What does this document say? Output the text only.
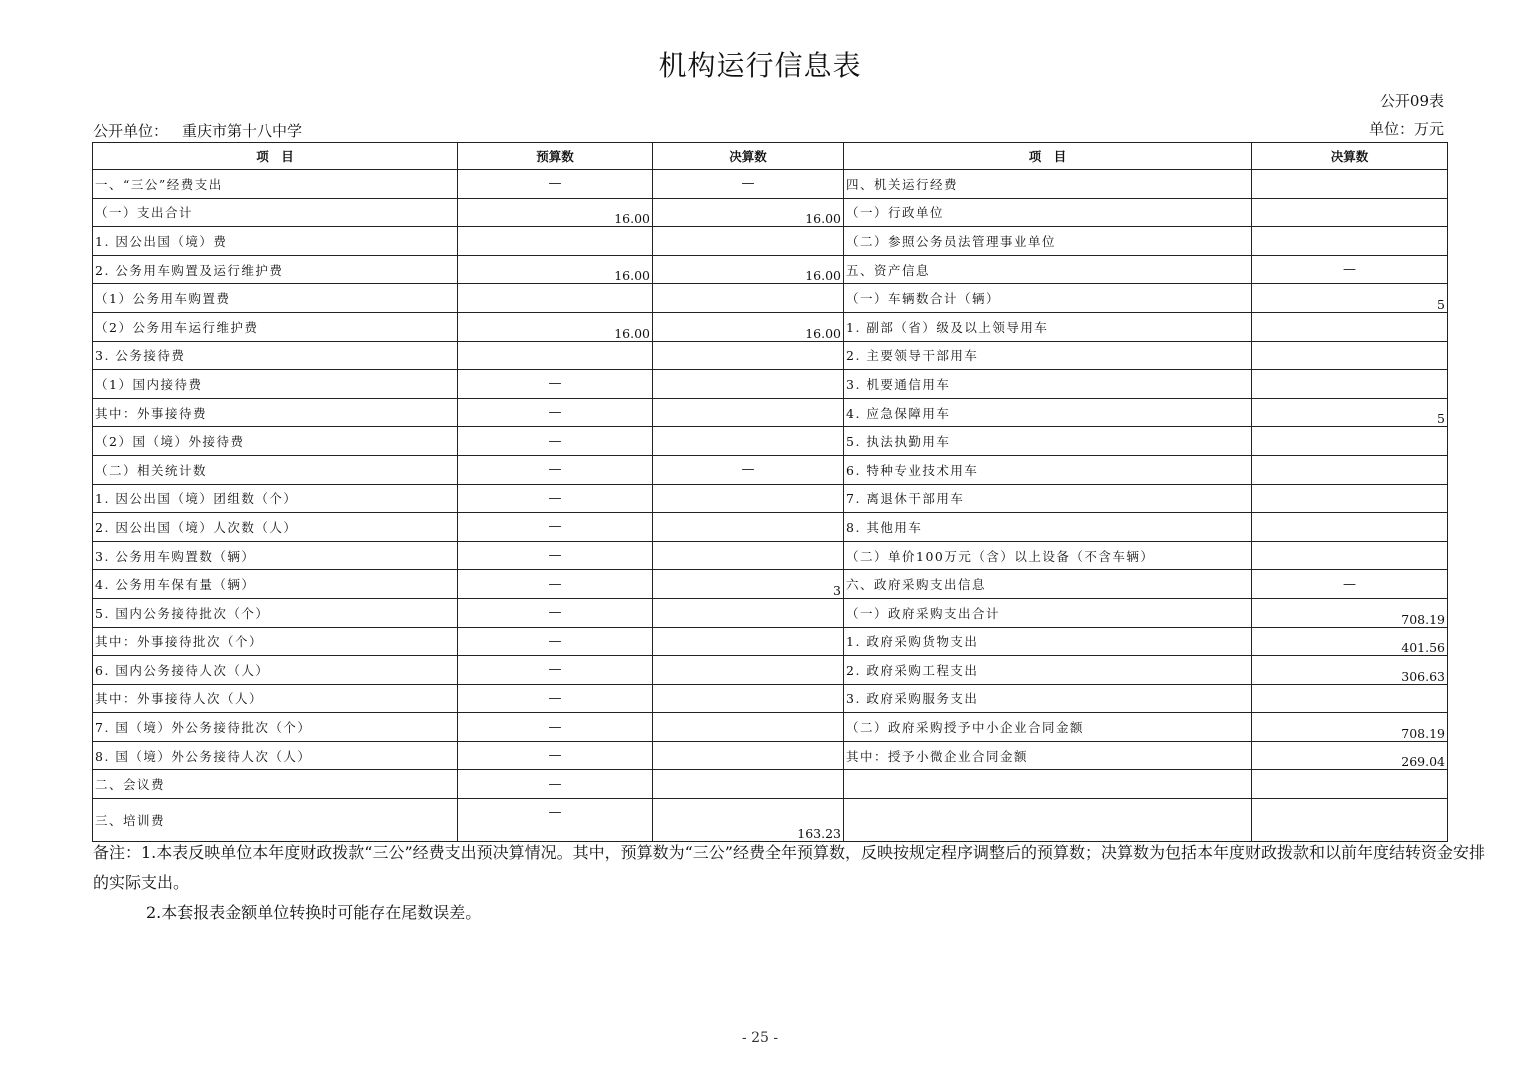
机构运行信息表
公开09表
公开单位： 重庆市第十八中学	单位：万元
项　目	预算数	决算数	项　目	决算数
一、“三公”经费支出	—	—	四、机关运行经费	
（一）支出合计	16.00	16.00	（一）行政单位	
1. 因公出国（境）费			（二）参照公务员法管理事业单位	
2. 公务用车购置及运行维护费	16.00	16.00	五、资产信息	—
（1）公务用车购置费			（一）车辆数合计（辆）	5
（2）公务用车运行维护费	16.00	16.00	1. 副部（省）级及以上领导用车	
3. 公务接待费			2. 主要领导干部用车	
（1）国内接待费	—		3. 机要通信用车	
其中：外事接待费	—		4. 应急保障用车	5
（2）国（境）外接待费	—		5. 执法执勤用车	
（二）相关统计数	—	—	6. 特种专业技术用车	
1. 因公出国（境）团组数（个）	—		7. 离退休干部用车	
2. 因公出国（境）人次数（人）	—		8. 其他用车	
3. 公务用车购置数（辆）	—		（二）单价100万元（含）以上设备（不含车辆）	
4. 公务用车保有量（辆）	—	3	六、政府采购支出信息	—
5. 国内公务接待批次（个）	—		（一）政府采购支出合计	708.19
其中：外事接待批次（个）	—		1. 政府采购货物支出	401.56
6. 国内公务接待人次（人）	—		2. 政府采购工程支出	306.63
其中：外事接待人次（人）	—		3. 政府采购服务支出	
7. 国（境）外公务接待批次（个）	—		（二）政府采购授予中小企业合同金额	708.19
8. 国（境）外公务接待人次（人）	—		其中：授予小微企业合同金额	269.04
二、会议费	—			
三、培训费	—	163.23		

备注：1.本表反映单位本年度财政拨款“三公”经费支出预决算情况。其中，预算数为“三公”经费全年预算数，反映按规定程序调整后的预算数；决算数为包括本年度财政拨款和以前年度结转资金安排的实际支出。

2.本套报表金额单位转换时可能存在尾数误差。

- 25 -
